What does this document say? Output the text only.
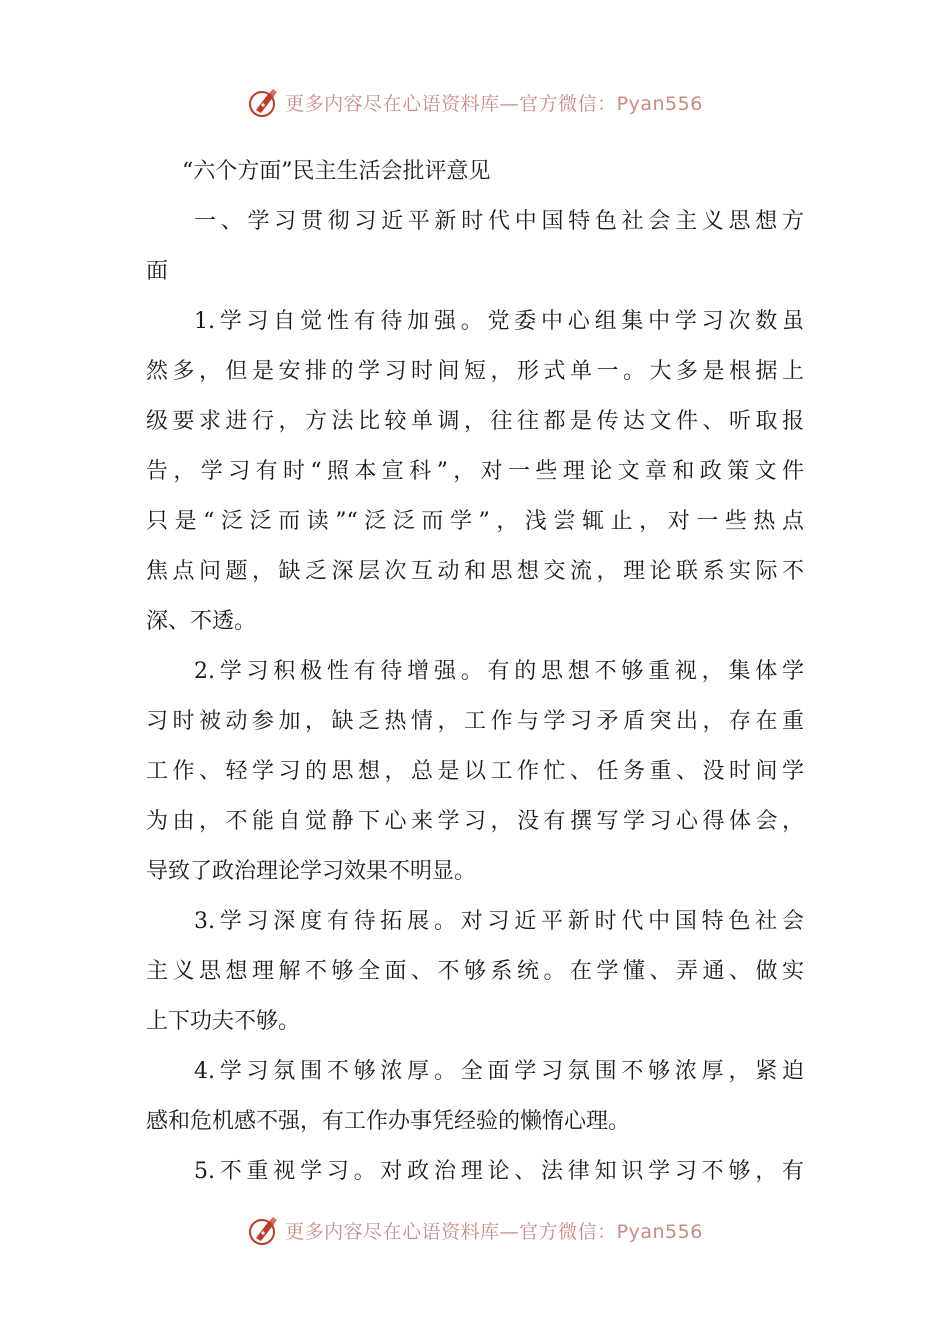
更多内容尽在心语资料库—官方微信：Pyan556
“六个方面”民主生活会批评意见
一、学习贯彻习近平新时代中国特色社会主义思想方
面
1.学习自觉性有待加强。党委中心组集中学习次数虽
然多，但是安排的学习时间短，形式单一。大多是根据上
级要求进行，方法比较单调，往往都是传达文件、听取报
告，学习有时“照本宣科”，对一些理论文章和政策文件
只是“泛泛而读”“泛泛而学”，浅尝辄止，对一些热点
焦点问题，缺乏深层次互动和思想交流，理论联系实际不
深、不透。
2.学习积极性有待增强。有的思想不够重视，集体学
习时被动参加，缺乏热情，工作与学习矛盾突出，存在重
工作、轻学习的思想，总是以工作忙、任务重、没时间学
为由，不能自觉静下心来学习，没有撰写学习心得体会，
导致了政治理论学习效果不明显。
3.学习深度有待拓展。对习近平新时代中国特色社会
主义思想理解不够全面、不够系统。在学懂、弄通、做实
上下功夫不够。
4.学习氛围不够浓厚。全面学习氛围不够浓厚，紧迫
感和危机感不强，有工作办事凭经验的懒惰心理。
5.不重视学习。对政治理论、法律知识学习不够，有
更多内容尽在心语资料库—官方微信：Pyan556
